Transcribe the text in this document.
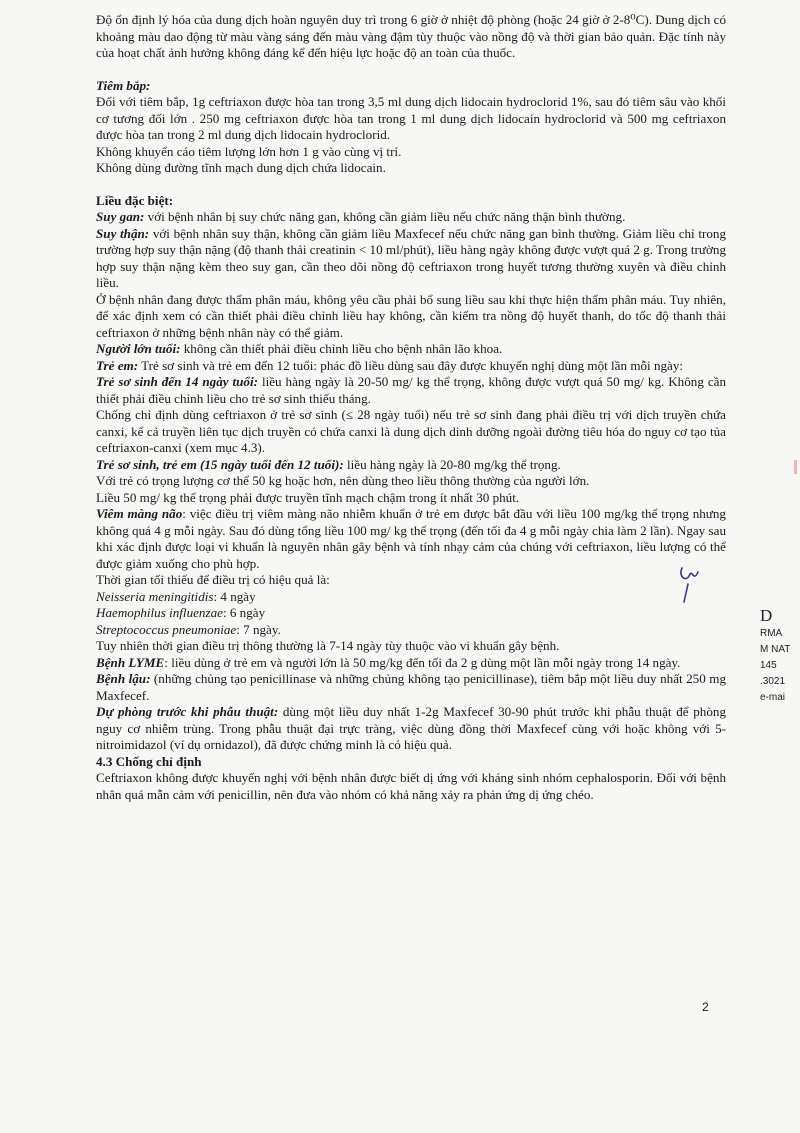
Độ ổn định lý hóa của dung dịch hoàn nguyên duy trì trong 6 giờ ở nhiệt độ phòng (hoặc 24 giờ ở 2-8⁰C). Dung dịch có khoảng màu dao động từ màu vàng sáng đến màu vàng đậm tùy thuộc vào nồng độ và thời gian bảo quản. Đặc tính này của hoạt chất ảnh hưởng không đáng kể đến hiệu lực hoặc độ an toàn của thuốc.

Tiêm bắp:

Đối với tiêm bắp, 1g ceftriaxon được hòa tan trong 3,5 ml dung dịch lidocain hydroclorid 1%, sau đó tiêm sâu vào khối cơ tương đối lớn . 250 mg ceftriaxon được hòa tan trong 1 ml dung dịch lidocain hydroclorid và 500 mg ceftriaxon được hòa tan trong 2 ml dung dịch lidocain hydroclorid.

Không khuyến cáo tiêm lượng lớn hơn 1 g vào cùng vị trí.

Không dùng đường tĩnh mạch dung dịch chứa lidocain.

Liều đặc biệt:

Suy gan: với bệnh nhân bị suy chức năng gan, không cần giảm liều nếu chức năng thận bình thường.

Suy thận: với bệnh nhân suy thận, không cần giảm liều Maxfecef nếu chức năng gan bình thường. Giảm liều chỉ trong trường hợp suy thận nặng (độ thanh thải creatinin < 10 ml/phút), liều hàng ngày không được vượt quá 2 g. Trong trường hợp suy thận nặng kèm theo suy gan, cần theo dõi nồng độ ceftriaxon trong huyết tương thường xuyên và điều chỉnh liều.

Ở bệnh nhân đang được thẩm phân máu, không yêu cầu phải bổ sung liều sau khi thực hiện thẩm phân máu. Tuy nhiên, để xác định xem có cần thiết phải điều chỉnh liều hay không, cần kiểm tra nồng độ huyết thanh, do tốc độ thanh thải ceftriaxon ở những bệnh nhân này có thể giảm.

Người lớn tuổi: không cần thiết phải điều chỉnh liều cho bệnh nhân lão khoa.

Trẻ em: Trẻ sơ sinh và trẻ em đến 12 tuổi: phác đồ liều dùng sau đây được khuyến nghị dùng một lần mỗi ngày:

Trẻ sơ sinh đến 14 ngày tuổi: liều hàng ngày là 20-50 mg/ kg thể trọng, không được vượt quá 50 mg/ kg. Không cần thiết phải điều chỉnh liều cho trẻ sơ sinh thiếu tháng.

Chống chỉ định dùng ceftriaxon ở trẻ sơ sinh (≤ 28 ngày tuổi) nếu trẻ sơ sinh đang phải điều trị với dịch truyền chứa canxi, kể cả truyền liên tục dịch truyền có chứa canxi là dung dịch dinh dưỡng ngoài đường tiêu hóa do nguy cơ tạo tủa ceftriaxon-canxi (xem mục 4.3).

Trẻ sơ sinh, trẻ em (15 ngày tuổi đến 12 tuổi): liều hàng ngày là 20-80 mg/kg thể trọng.

Với trẻ có trọng lượng cơ thể 50 kg hoặc hơn, nên dùng theo liều thông thường của người lớn.

Liều 50 mg/ kg thể trọng phải được truyền tĩnh mạch chậm trong ít nhất 30 phút.

Viêm màng não: việc điều trị viêm màng não nhiễm khuẩn ở trẻ em được bắt đầu với liều 100 mg/kg thể trọng nhưng không quá 4 g mỗi ngày. Sau đó dùng tổng liều 100 mg/ kg thể trọng (đến tối đa 4 g mỗi ngày chia làm 2 lần). Ngay sau khi xác định được loại vi khuẩn là nguyên nhân gây bệnh và tính nhạy cảm của chúng với ceftriaxon, liều lượng có thể được giảm xuống cho phù hợp.

Thời gian tối thiểu để điều trị có hiệu quả là:

Neisseria meningitidis: 4 ngày

Haemophilus influenzae: 6 ngày

Streptococcus pneumoniae: 7 ngày.

Tuy nhiên thời gian điều trị thông thường là 7-14 ngày tùy thuộc vào vi khuẩn gây bệnh.

Bệnh LYME: liều dùng ở trẻ em và người lớn là 50 mg/kg đến tối đa 2 g dùng một lần mỗi ngày trong 14 ngày.

Bệnh lậu: (những chủng tạo penicillinase và những chủng không tạo penicillinase), tiêm bắp một liều duy nhất 250 mg Maxfecef.

Dự phòng trước khi phẫu thuật: dùng một liều duy nhất 1-2g Maxfecef 30-90 phút trước khi phẫu thuật để phòng nguy cơ nhiễm trùng. Trong phẫu thuật đại trực tràng, việc dùng đồng thời Maxfecef cùng với hoặc không với 5-nitroimidazol (ví dụ ornidazol), đã được chứng minh là có hiệu quả.

4.3 Chống chỉ định

Ceftriaxon không được khuyến nghị với bệnh nhân được biết dị ứng với kháng sinh nhóm cephalosporin. Đối với bệnh nhân quá mẫn cảm với penicillin, nên đưa vào nhóm có khả năng xảy ra phản ứng dị ứng chéo.

D
RMA
M NAT
145
.3021
e-mai
2
